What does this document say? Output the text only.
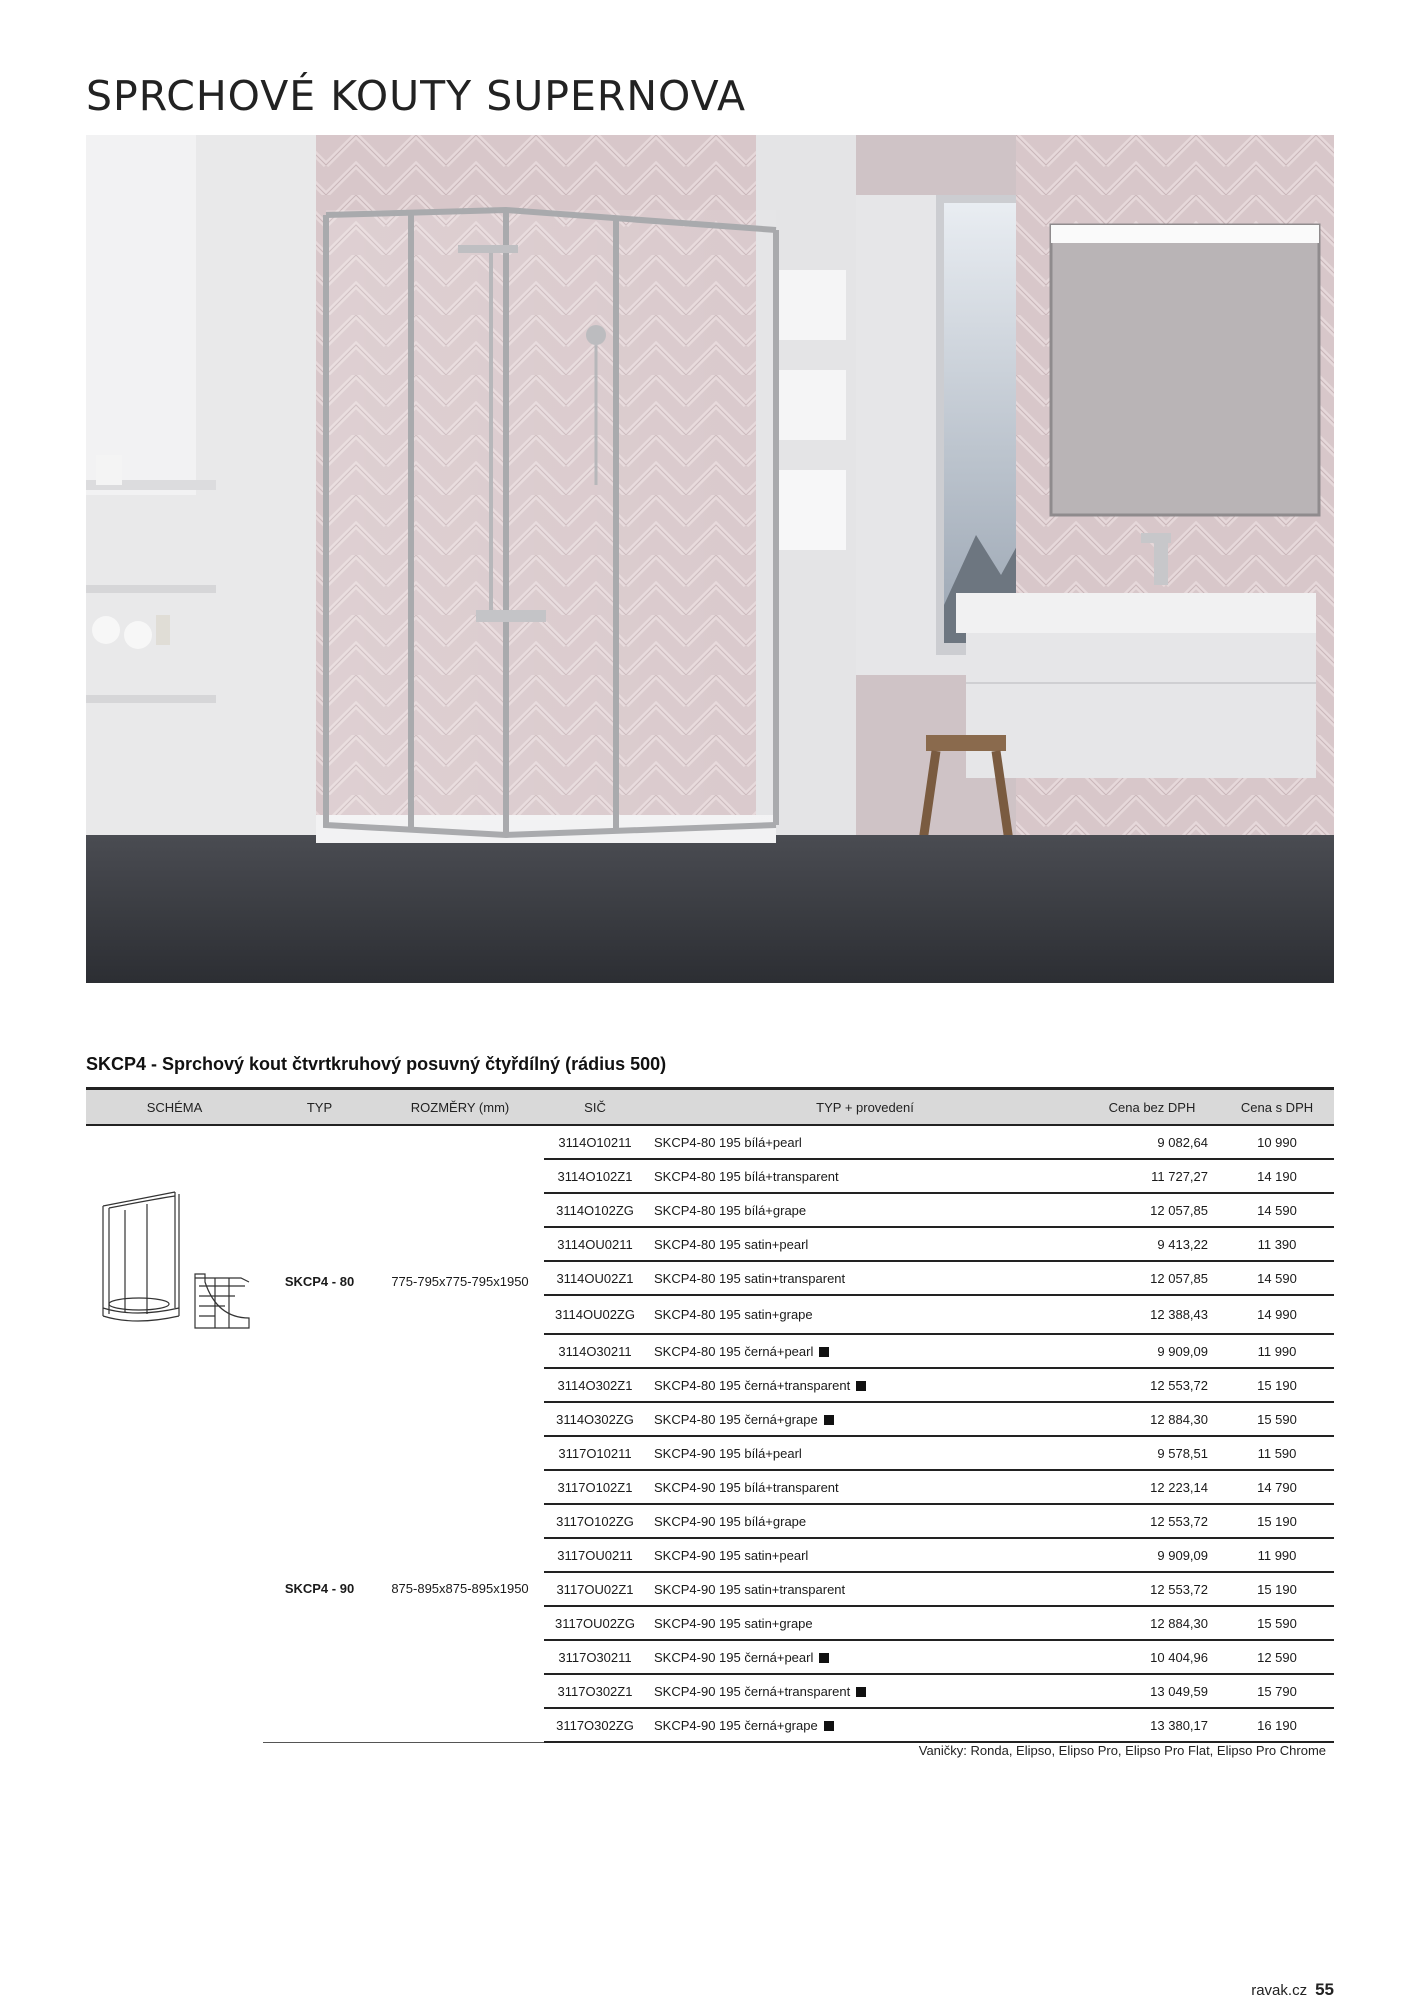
SPRCHOVÉ KOUTY SUPERNOVA
SKCP4 - Sprchový kout čtvrtkruhový posuvný čtyřdílný (rádius 500)
SCHÉMA	TYP	ROZMĚRY (mm)	SIČ	TYP + provedení	Cena bez DPH	Cena s DPH

	SKCP4 - 80	775-795x775-795x1950	3114O10211	SKCP4-80 195 bílá+pearl	9 082,64	10 990
			3114O102Z1	SKCP4-80 195 bílá+transparent	11 727,27	14 190
			3114O102ZG	SKCP4-80 195 bílá+grape	12 057,85	14 590
			3114OU0211	SKCP4-80 195 satin+pearl	9 413,22	11 390
			3114OU02Z1	SKCP4-80 195 satin+transparent	12 057,85	14 590
			3114OU02ZG	SKCP4-80 195 satin+grape	12 388,43	14 990
			3114O30211	SKCP4-80 195 černá+pearl	9 909,09	11 990
			3114O302Z1	SKCP4-80 195 černá+transparent	12 553,72	15 190
			3114O302ZG	SKCP4-80 195 černá+grape	12 884,30	15 590
	SKCP4 - 90	875-895x875-895x1950	3117O10211	SKCP4-90 195 bílá+pearl	9 578,51	11 590
			3117O102Z1	SKCP4-90 195 bílá+transparent	12 223,14	14 790
			3117O102ZG	SKCP4-90 195 bílá+grape	12 553,72	15 190
			3117OU0211	SKCP4-90 195 satin+pearl	9 909,09	11 990
			3117OU02Z1	SKCP4-90 195 satin+transparent	12 553,72	15 190
			3117OU02ZG	SKCP4-90 195 satin+grape	12 884,30	15 590
			3117O30211	SKCP4-90 195 černá+pearl	10 404,96	12 590
			3117O302Z1	SKCP4-90 195 černá+transparent	13 049,59	15 790
			3117O302ZG	SKCP4-90 195 černá+grape	13 380,17	16 190

Vaničky: Ronda, Elipso, Elipso Pro, Elipso Pro Flat, Elipso Pro Chrome

ravak.cz 55
